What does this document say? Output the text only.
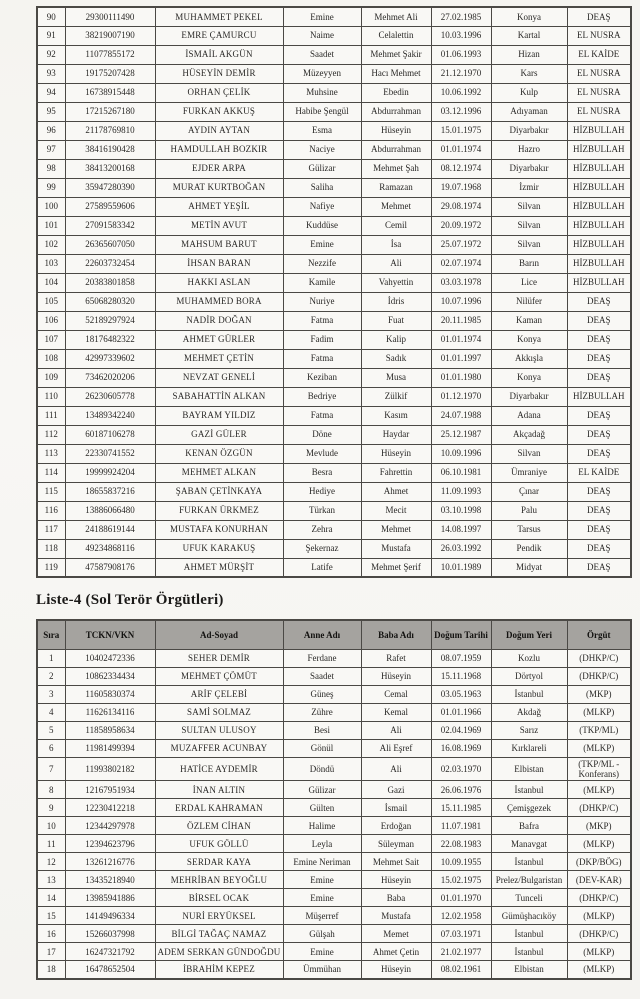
90	29300111490	MUHAMMET PEKEL	Emine	Mehmet Ali	27.02.1985	Konya	DEAŞ
91	38219007190	EMRE ÇAMURCU	Naime	Celalettin	10.03.1996	Kartal	EL NUSRA
92	11077855172	İSMAİL AKGÜN	Saadet	Mehmet Şakir	01.06.1993	Hizan	EL KAİDE
93	19175207428	HÜSEYİN DEMİR	Müzeyyen	Hacı Mehmet	21.12.1970	Kars	EL NUSRA
94	16738915448	ORHAN ÇELİK	Muhsine	Ebedin	10.06.1992	Kulp	EL NUSRA
95	17215267180	FURKAN AKKUŞ	Habibe Şengül	Abdurrahman	03.12.1996	Adıyaman	EL NUSRA
96	21178769810	AYDIN AYTAN	Esma	Hüseyin	15.01.1975	Diyarbakır	HİZBULLAH
97	38416190428	HAMDULLAH BOZKIR	Naciye	Abdurrahman	01.01.1974	Hazro	HİZBULLAH
98	38413200168	EJDER ARPA	Gülizar	Mehmet Şah	08.12.1974	Diyarbakır	HİZBULLAH
99	35947280390	MURAT KURTBOĞAN	Saliha	Ramazan	19.07.1968	İzmir	HİZBULLAH
100	27589559606	AHMET YEŞİL	Nafiye	Mehmet	29.08.1974	Silvan	HİZBULLAH
101	27091583342	METİN AVUT	Kuddüse	Cemil	20.09.1972	Silvan	HİZBULLAH
102	26365607050	MAHSUM BARUT	Emine	İsa	25.07.1972	Silvan	HİZBULLAH
103	22603732454	İHSAN BARAN	Nezzife	Ali	02.07.1974	Barın	HİZBULLAH
104	20383801858	HAKKI ASLAN	Kamile	Vahyettin	03.03.1978	Lice	HİZBULLAH
105	65068280320	MUHAMMED BORA	Nuriye	İdris	10.07.1996	Nilüfer	DEAŞ
106	52189297924	NADİR DOĞAN	Fatma	Fuat	20.11.1985	Kaman	DEAŞ
107	18176482322	AHMET GÜRLER	Fadim	Kalip	01.01.1974	Konya	DEAŞ
108	42997339602	MEHMET ÇETİN	Fatma	Sadık	01.01.1997	Akkışla	DEAŞ
109	73462020206	NEVZAT GENELİ	Keziban	Musa	01.01.1980	Konya	DEAŞ
110	26230605778	SABAHATTİN ALKAN	Bedriye	Zülkif	01.12.1970	Diyarbakır	HİZBULLAH
111	13489342240	BAYRAM YILDIZ	Fatma	Kasım	24.07.1988	Adana	DEAŞ
112	60187106278	GAZİ GÜLER	Döne	Haydar	25.12.1987	Akçadağ	DEAŞ
113	22330741552	KENAN ÖZGÜN	Mevlude	Hüseyin	10.09.1996	Silvan	DEAŞ
114	19999924204	MEHMET ALKAN	Besra	Fahrettin	06.10.1981	Ümraniye	EL KAİDE
115	18655837216	ŞABAN ÇETİNKAYA	Hediye	Ahmet	11.09.1993	Çınar	DEAŞ
116	13886066480	FURKAN ÜRKMEZ	Türkan	Mecit	03.10.1998	Palu	DEAŞ
117	24188619144	MUSTAFA KONURHAN	Zehra	Mehmet	14.08.1997	Tarsus	DEAŞ
118	49234868116	UFUK KARAKUŞ	Şekernaz	Mustafa	26.03.1992	Pendik	DEAŞ
119	47587908176	AHMET MÜRŞİT	Latife	Mehmet Şerif	10.01.1989	Midyat	DEAŞ
Liste-4 (Sol Terör Örgütleri)
Sıra	TCKN/VKN	Ad-Soyad	Anne Adı	Baba Adı	Doğum Tarihi	Doğum Yeri	Örgüt
1	10402472336	SEHER DEMİR	Ferdane	Rafet	08.07.1959	Kozlu	(DHKP/C)
2	10862334434	MEHMET ÇÖMÜT	Saadet	Hüseyin	15.11.1968	Dörtyol	(DHKP/C)
3	11605830374	ARİF ÇELEBİ	Güneş	Cemal	03.05.1963	İstanbul	(MKP)
4	11626134116	SAMİ SOLMAZ	Zühre	Kemal	01.01.1966	Akdağ	(MLKP)
5	11858958634	SULTAN ULUSOY	Besi	Ali	02.04.1969	Sarız	(TKP/ML)
6	11981499394	MUZAFFER ACUNBAY	Gönül	Ali Eşref	16.08.1969	Kırklareli	(MLKP)
7	11993802182	HATİCE AYDEMİR	Döndü	Ali	02.03.1970	Elbistan	(TKP/ML - Konferans)
8	12167951934	İNAN ALTIN	Gülizar	Gazi	26.06.1976	İstanbul	(MLKP)
9	12230412218	ERDAL KAHRAMAN	Gülten	İsmail	15.11.1985	Çemişgezek	(DHKP/C)
10	12344297978	ÖZLEM CİHAN	Halime	Erdoğan	11.07.1981	Bafra	(MKP)
11	12394623796	UFUK GÖLLÜ	Leyla	Süleyman	22.08.1983	Manavgat	(MLKP)
12	13261216776	SERDAR KAYA	Emine Neriman	Mehmet Sait	10.09.1955	İstanbul	(DKP/BÖG)
13	13435218940	MEHRİBAN BEYOĞLU	Emine	Hüseyin	15.02.1975	Prelez/Bulgaristan	(DEV-KAR)
14	13985941886	BİRSEL OCAK	Emine	Baba	01.01.1970	Tunceli	(DHKP/C)
15	14149496334	NURİ ERYÜKSEL	Müşerref	Mustafa	12.02.1958	Gümüşhacıköy	(MLKP)
16	15266037998	BİLGİ TAĞAÇ NAMAZ	Gülşah	Memet	07.03.1971	İstanbul	(DHKP/C)
17	16247321792	ADEM SERKAN GÜNDOĞDU	Emine	Ahmet Çetin	21.02.1977	İstanbul	(MLKP)
18	16478652504	İBRAHİM KEPEZ	Ümmühan	Hüseyin	08.02.1961	Elbistan	(MLKP)
